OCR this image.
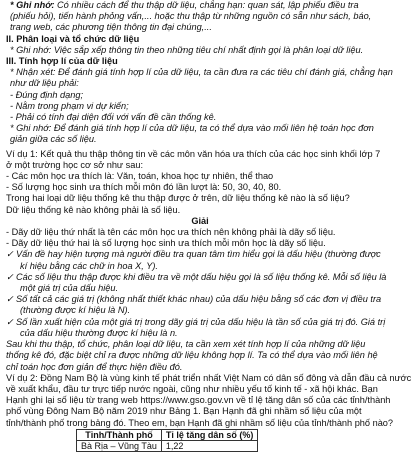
* Ghi nhớ: Có nhiều cách để thu thập dữ liệu, chẳng hạn: quan sát, lập phiếu điều tra
(phiếu hỏi), tiến hành phỏng vấn,... hoặc thu thập từ những nguồn có sẵn như sách, báo,
trang web, các phương tiện thông tin đại chúng,...
II. Phân loại và tổ chức dữ liệu
* Ghi nhớ: Việc sắp xếp thông tin theo những tiêu chí nhất định gọi là phân loại dữ liệu.
III. Tính hợp lí của dữ liệu
* Nhận xét: Để đánh giá tính hợp lí của dữ liệu, ta cần đưa ra các tiêu chí đánh giá, chẳng hạn
như dữ liệu phải:
- Đúng định dạng;
- Nằm trong phạm vi dự kiến;
- Phải có tính đại diện đối với vấn đề cần thống kê.
* Ghi nhớ: Để đánh giá tính hợp lí của dữ liệu, ta có thể dựa vào mối liên hệ toán học đơn
giản giữa các số liệu.
Ví dụ 1: Kết quả thu thập thông tin về các môn văn hóa ưa thích của các học sinh khối lớp 7
ở một trường học cơ sở như sau:
- Các môn học ưa thích là: Văn, toán, khoa học tự nhiên, thể thao
- Số lượng học sinh ưa thích mỗi môn đó lần lượt là: 50, 30, 40, 80.
Trong hai loại dữ liệu thống kê thu thập được ở trên, dữ liệu thống kê nào là số liệu?
Dữ liệu thống kê nào không phải là số liệu.
Giải
- Dãy dữ liệu thứ nhất là tên các môn học ưa thích nên không phải là dãy số liệu.
- Dãy dữ liệu thứ hai là số lượng học sinh ưa thích mỗi môn học là dãy số liệu.
✓ Vấn đề hay hiện tượng mà người điều tra quan tâm tìm hiểu gọi là dấu hiệu (thường được
kí hiệu bằng các chữ in hoa X, Y).
✓ Các số liệu thu thập được khi điều tra về một dấu hiệu gọi là số liệu thống kê. Mỗi số liệu là
một giá trị của dấu hiệu.
✓ Số tất cả các giá trị (không nhất thiết khác nhau) của dấu hiệu bằng số các đơn vị điều tra
(thường được kí hiệu là N).
✓ Số lần xuất hiện của một giá trị trong dãy giá trị của dấu hiệu là tần số của giá trị đó. Giá trị
của dấu hiệu thường được kí hiệu là n.
Sau khi thu thập, tổ chức, phân loại dữ liệu, ta cần xem xét tính hợp lí của những dữ liệu
thống kê đó, đặc biệt chỉ ra được những dữ liệu không hợp lí. Ta có thể dựa vào mối liên hệ
chỉ toán học đơn giản để thực hiện điều đó.
Ví dụ 2: Đồng Nam Bộ là vùng kinh tế phát triển nhất Việt Nam có dân số đông và dẫn đầu cả nước
về xuất khẩu, đầu tư trực tiếp nước ngoài, cũng như nhiều yếu tố kinh tế - xã hội khác. Bạn
Hạnh ghi lại số liệu từ trang web https://www.gso.gov.vn về tỉ lệ tăng dân số của các tỉnh/thành
phố vùng Đông Nam Bộ năm 2019 như Bảng 1. Bạn Hạnh đã ghi nhầm số liệu của một
tỉnh/thành phố trong bảng đó. Theo em, bạn Hạnh đã ghi nhầm số liệu của tỉnh/thành phố nào?
Tỉnh/Thành phố	Tỉ lệ tăng dân số (%)
Bà Rịa – Vũng Tàu	1,22
